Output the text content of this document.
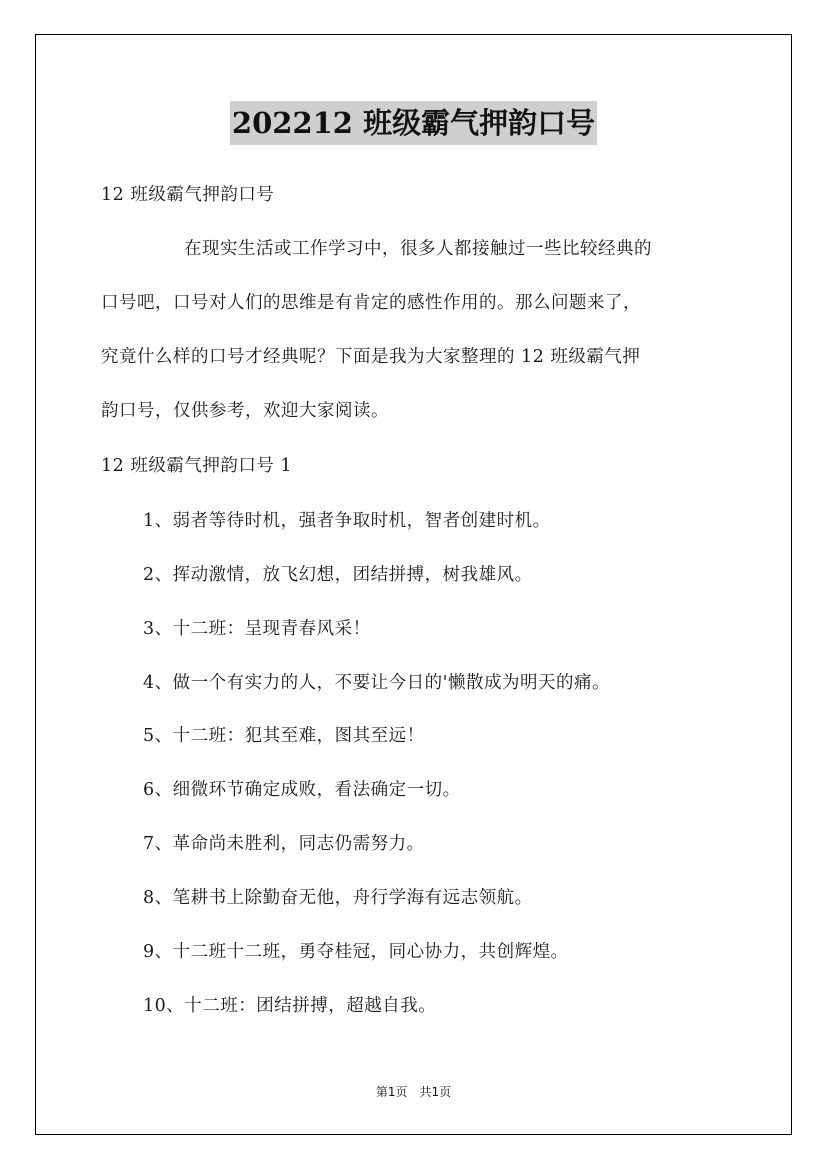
202212 班级霸气押韵口号
12 班级霸气押韵口号
在现实生活或工作学习中，很多人都接触过一些比较经典的
口号吧，口号对人们的思维是有肯定的感性作用的。那么问题来了，
究竟什么样的口号才经典呢？下面是我为大家整理的 12 班级霸气押
韵口号，仅供参考，欢迎大家阅读。
12 班级霸气押韵口号 1
1、弱者等待时机，强者争取时机，智者创建时机。
2、挥动激情，放飞幻想，团结拼搏，树我雄风。
3、十二班：呈现青春风采！
4、做一个有实力的人，不要让今日的'懒散成为明天的痛。
5、十二班：犯其至难，图其至远！
6、细微环节确定成败，看法确定一切。
7、革命尚未胜利，同志仍需努力。
8、笔耕书上除勤奋无他，舟行学海有远志领航。
9、十二班十二班，勇夺桂冠，同心协力，共创辉煌。
10、十二班：团结拼搏，超越自我。
第1页 共1页
